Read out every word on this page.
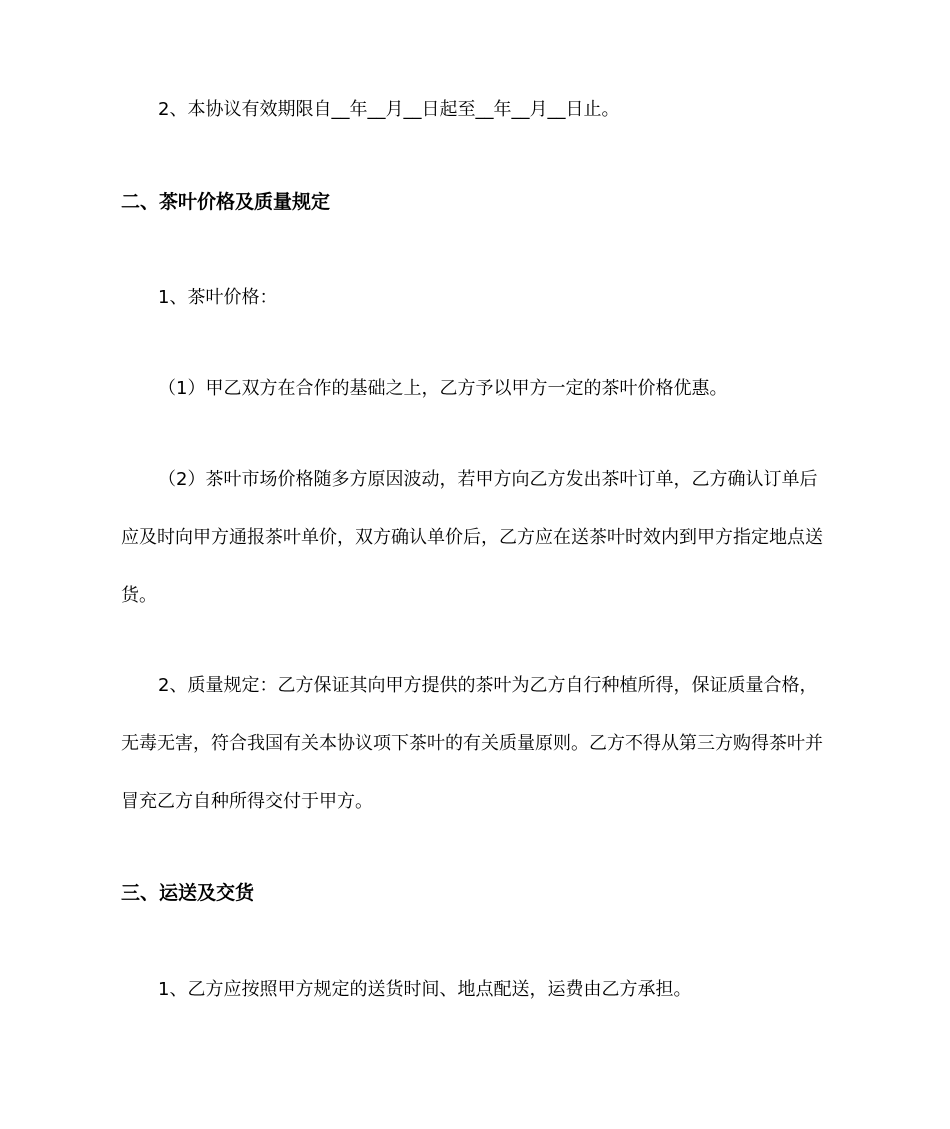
2、本协议有效期限自__年__月__日起至__年__月__日止。
二、茶叶价格及质量规定
1、茶叶价格：
（1）甲乙双方在合作的基础之上，乙方予以甲方一定的茶叶价格优惠。
（2）茶叶市场价格随多方原因波动，若甲方向乙方发出茶叶订单，乙方确认订单后
应及时向甲方通报茶叶单价，双方确认单价后，乙方应在送茶叶时效内到甲方指定地点送
货。
2、质量规定：乙方保证其向甲方提供的茶叶为乙方自行种植所得，保证质量合格，
无毒无害，符合我国有关本协议项下茶叶的有关质量原则。乙方不得从第三方购得茶叶并
冒充乙方自种所得交付于甲方。
三、运送及交货
1、乙方应按照甲方规定的送货时间、地点配送，运费由乙方承担。
